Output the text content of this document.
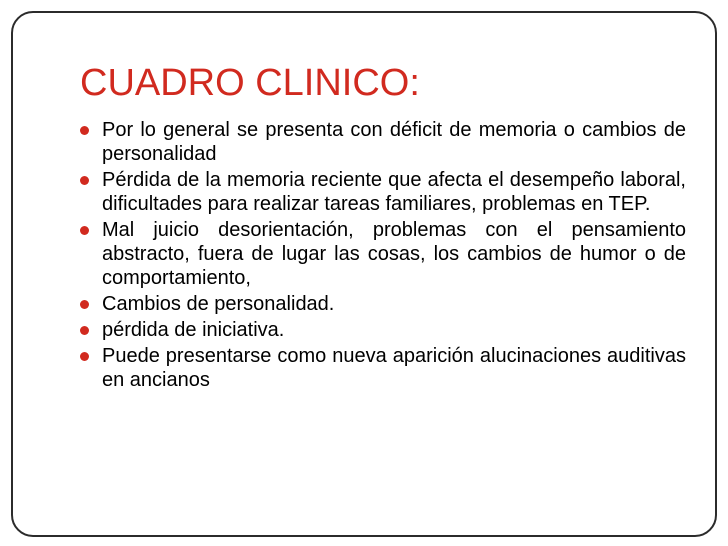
CUADRO CLINICO:
Por lo general se presenta con déficit de memoria o cambios de personalidad
Pérdida de la memoria reciente que afecta el desempeño laboral, dificultades para realizar tareas familiares, problemas en TEP.
Mal juicio desorientación, problemas con el pensamiento abstracto, fuera de lugar las cosas, los cambios de humor o de comportamiento,
Cambios de personalidad.
pérdida de iniciativa.
Puede presentarse como nueva aparición alucinaciones auditivas en ancianos
